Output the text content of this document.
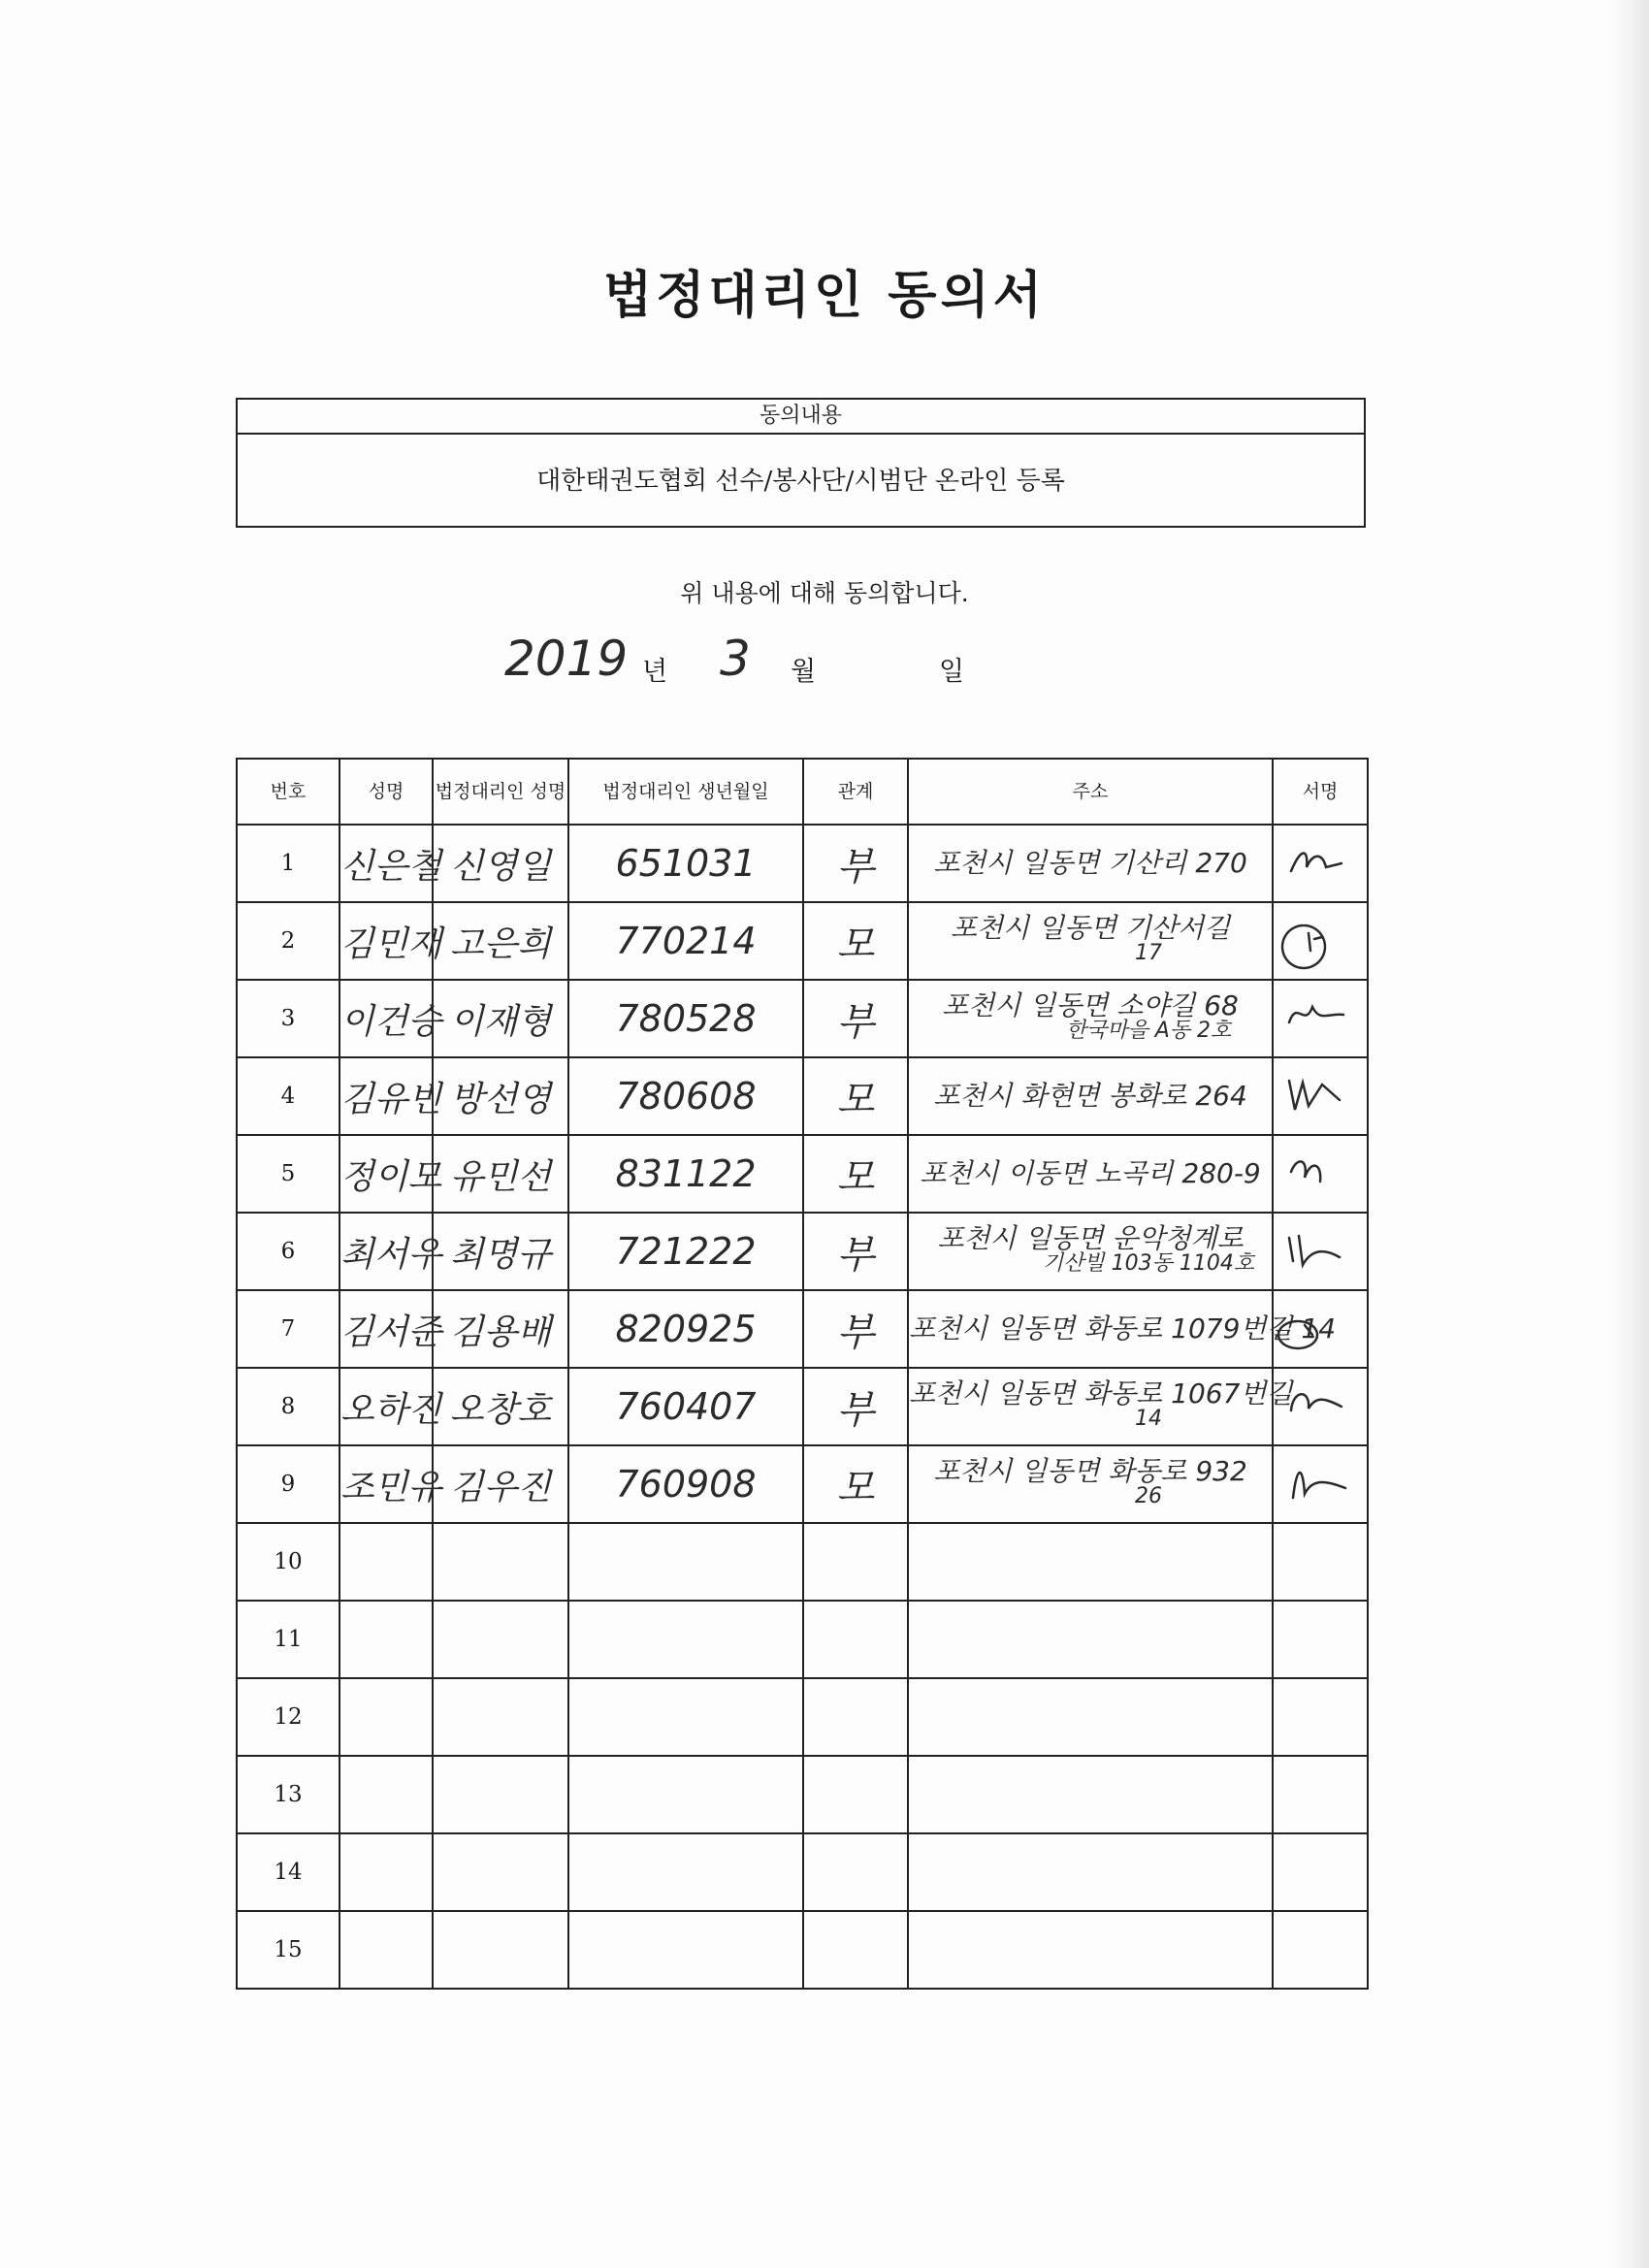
법정대리인 동의서
동의내용
대한태권도협회 선수/봉사단/시범단 온라인 등록
위 내용에 대해 동의합니다.
2019 년 3 월	일
번호	성명	법정대리인 성명	법정대리인 생년월일	관계	주소	서명
1	신은철	신영일	651031	부	포천시 일동면 기산리 270

2	김민재	고은희	770214	모	포천시 일동면 기산서길
17

3	이건승	이재형	780528	부	포천시 일동면 소야길 68
한국마을 A동 2호

4	김유빈	방선영	780608	모	포천시 화현면 봉화로 264

5	정이모	유민선	831122	모	포천시 이동면 노곡리 280-9

6	최서우	최명규	721222	부	포천시 일동면 운악청계로
기산빌 103동 1104호

7	김서준	김용배	820925	부	포천시 일동면 화동로 1079번길 14

8	오하진	오창호	760407	부	포천시 일동면 화동로 1067번길
14

9	조민유	김우진	760908	모	포천시 일동면 화동로 932
26

10					

11					

12					

13					

14					

15					
